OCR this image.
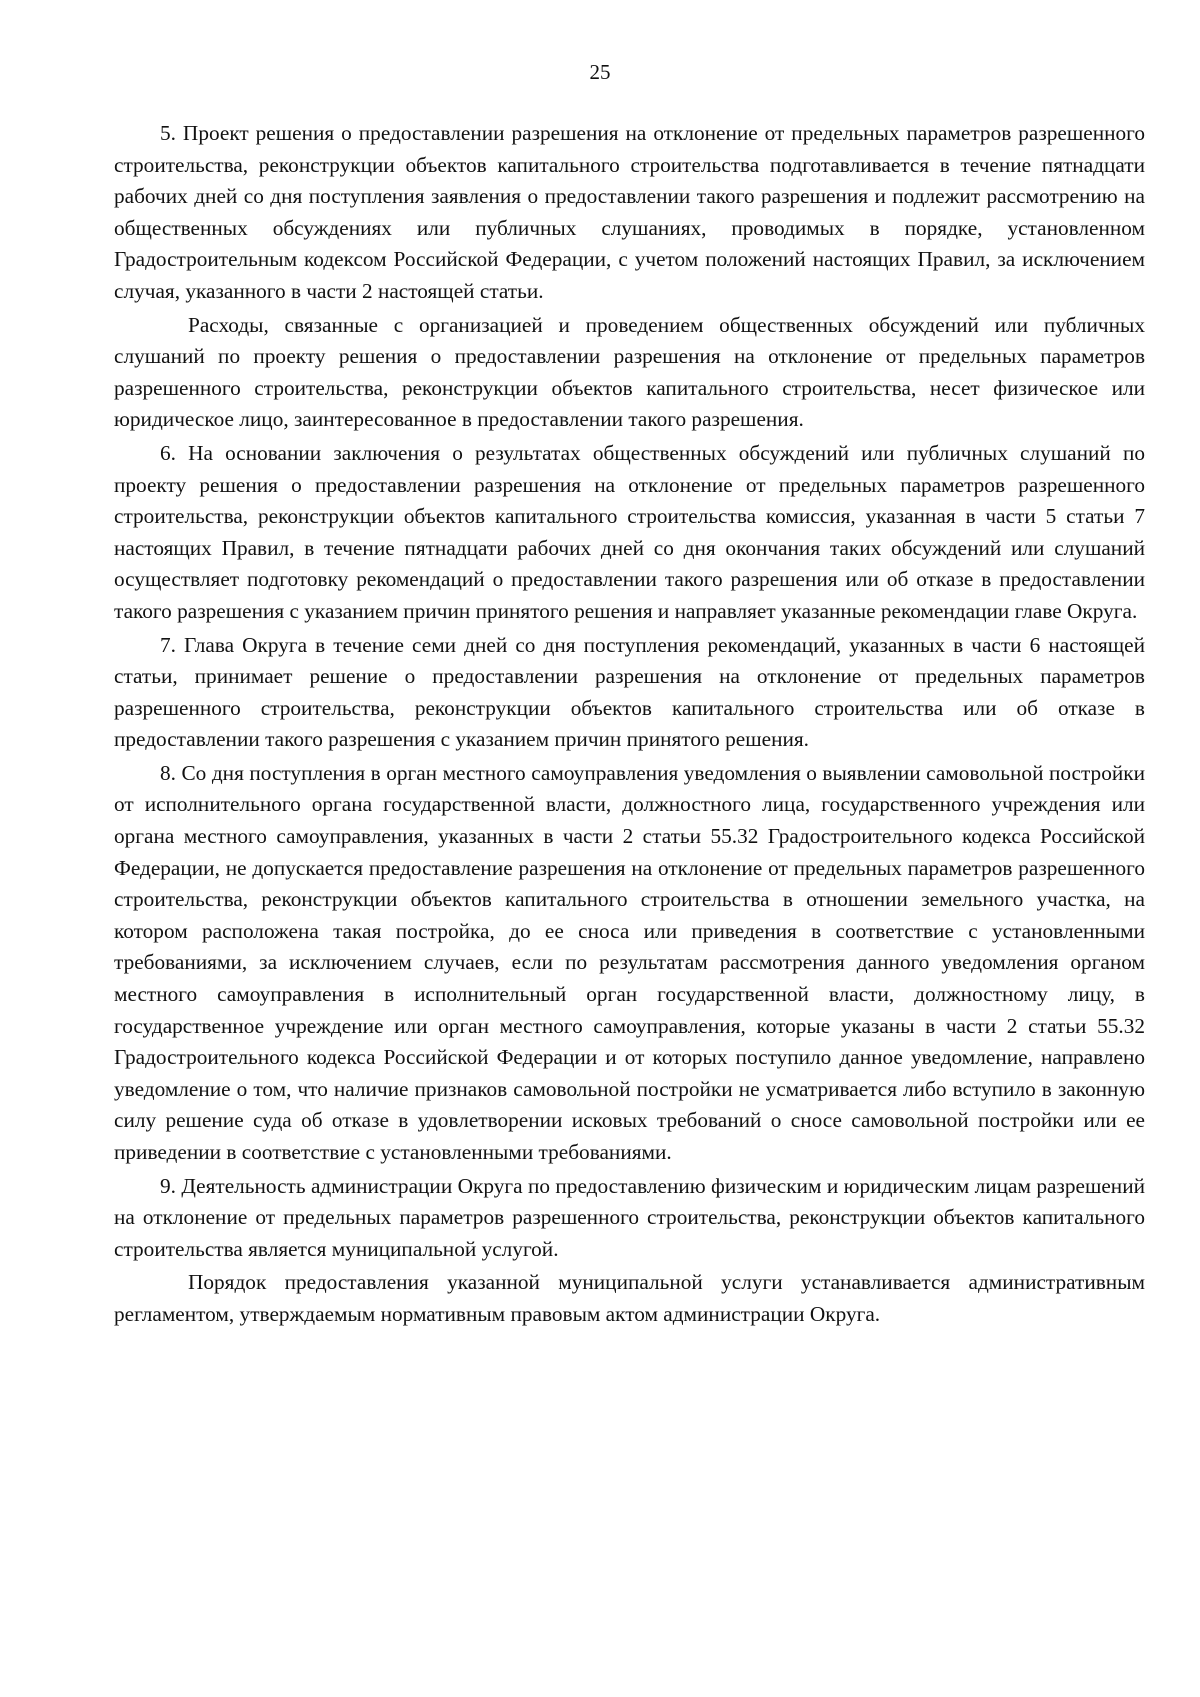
25

5. Проект решения о предоставлении разрешения на отклонение от предельных параметров разрешенного строительства, реконструкции объектов капитального строительства подготавливается в течение пятнадцати рабочих дней со дня поступления заявления о предоставлении такого разрешения и подлежит рассмотрению на общественных обсуждениях или публичных слушаниях, проводимых в порядке, установленном Градостроительным кодексом Российской Федерации, с учетом положений настоящих Правил, за исключением случая, указанного в части 2 настоящей статьи.

Расходы, связанные с организацией и проведением общественных обсуждений или публичных слушаний по проекту решения о предоставлении разрешения на отклонение от предельных параметров разрешенного строительства, реконструкции объектов капитального строительства, несет физическое или юридическое лицо, заинтересованное в предоставлении такого разрешения.

6. На основании заключения о результатах общественных обсуждений или публичных слушаний по проекту решения о предоставлении разрешения на отклонение от предельных параметров разрешенного строительства, реконструкции объектов капитального строительства комиссия, указанная в части 5 статьи 7 настоящих Правил, в течение пятнадцати рабочих дней со дня окончания таких обсуждений или слушаний осуществляет подготовку рекомендаций о предоставлении такого разрешения или об отказе в предоставлении такого разрешения с указанием причин принятого решения и направляет указанные рекомендации главе Округа.

7. Глава Округа в течение семи дней со дня поступления рекомендаций, указанных в части 6 настоящей статьи, принимает решение о предоставлении разрешения на отклонение от предельных параметров разрешенного строительства, реконструкции объектов капитального строительства или об отказе в предоставлении такого разрешения с указанием причин принятого решения.

8. Со дня поступления в орган местного самоуправления уведомления о выявлении самовольной постройки от исполнительного органа государственной власти, должностного лица, государственного учреждения или органа местного самоуправления, указанных в части 2 статьи 55.32 Градостроительного кодекса Российской Федерации, не допускается предоставление разрешения на отклонение от предельных параметров разрешенного строительства, реконструкции объектов капитального строительства в отношении земельного участка, на котором расположена такая постройка, до ее сноса или приведения в соответствие с установленными требованиями, за исключением случаев, если по результатам рассмотрения данного уведомления органом местного самоуправления в исполнительный орган государственной власти, должностному лицу, в государственное учреждение или орган местного самоуправления, которые указаны в части 2 статьи 55.32 Градостроительного кодекса Российской Федерации и от которых поступило данное уведомление, направлено уведомление о том, что наличие признаков самовольной постройки не усматривается либо вступило в законную силу решение суда об отказе в удовлетворении исковых требований о сносе самовольной постройки или ее приведении в соответствие с установленными требованиями.

9. Деятельность администрации Округа по предоставлению физическим и юридическим лицам разрешений на отклонение от предельных параметров разрешенного строительства, реконструкции объектов капитального строительства является муниципальной услугой.

Порядок предоставления указанной муниципальной услуги устанавливается административным регламентом, утверждаемым нормативным правовым актом администрации Округа.
